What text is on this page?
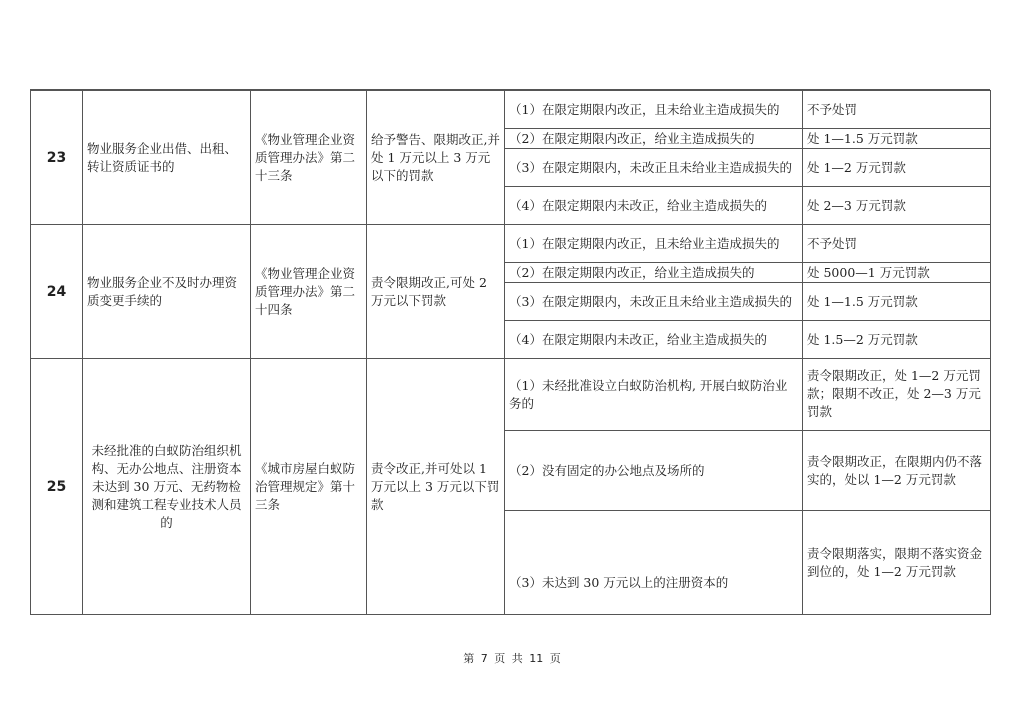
23	物业服务企业出借、出租、转让资质证书的	《物业管理企业资质管理办法》第二十三条	给予警告、限期改正,并处 1 万元以上 3 万元以下的罚款	（1）在限定期限内改正，且未给业主造成损失的	不予处罚
				（2）在限定期限内改正，给业主造成损失的	处 1—1.5 万元罚款
				（3）在限定期限内，未改正且未给业主造成损失的	处 1—2 万元罚款
				（4）在限定期限内未改正，给业主造成损失的	处 2—3 万元罚款
24	物业服务企业不及时办理资质变更手续的	《物业管理企业资质管理办法》第二十四条	责令限期改正,可处 2 万元以下罚款	（1）在限定期限内改正，且未给业主造成损失的	不予处罚
				（2）在限定期限内改正，给业主造成损失的	处 5000—1 万元罚款
				（3）在限定期限内，未改正且未给业主造成损失的	处 1—1.5 万元罚款
				（4）在限定期限内未改正，给业主造成损失的	处 1.5—2 万元罚款
25	未经批准的白蚁防治组织机构、无办公地点、注册资本未达到 30 万元、无药物检测和建筑工程专业技术人员的	《城市房屋白蚁防治管理规定》第十三条	责令改正,并可处以 1 万元以上 3 万元以下罚款	（1）未经批准设立白蚁防治机构, 开展白蚁防治业务的	责令限期改正，处 1—2 万元罚款；限期不改正，处 2—3 万元罚款
				（2）没有固定的办公地点及场所的	责令限期改正，在限期内仍不落实的，处以 1—2 万元罚款
				（3）未达到 30 万元以上的注册资本的	责令限期落实，限期不落实资金到位的，处 1—2 万元罚款
第 7 页 共 11 页
